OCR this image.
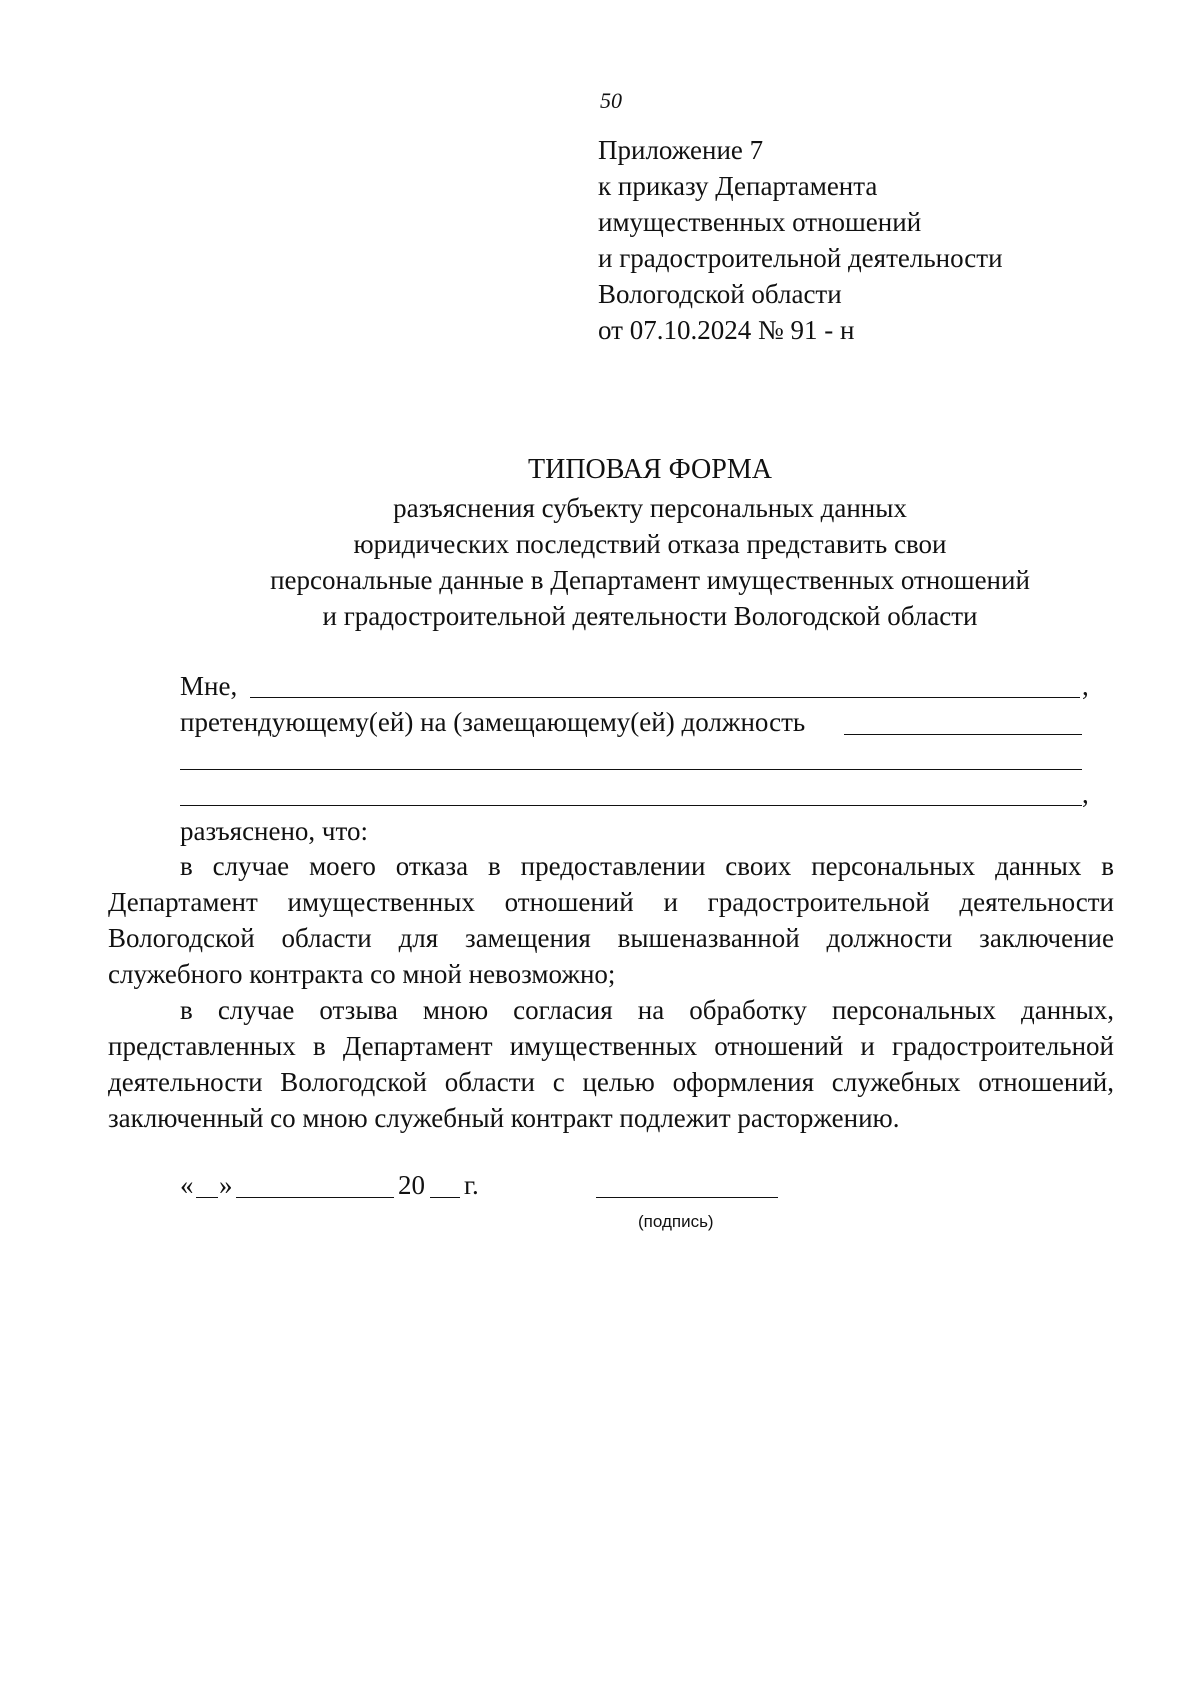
50
Приложение 7
к приказу Департамента
имущественных отношений
и градостроительной деятельности
Вологодской области
от 07.10.2024 № 91 - н
ТИПОВАЯ ФОРМА
разъяснения субъекту персональных данных
юридических последствий отказа представить свои
персональные данные в Департамент имущественных отношений
и градостроительной деятельности Вологодской области
Мне,	,
претендующему(ей) на (замещающему(ей) должность
,
разъяснено, что:

в случае моего отказа в предоставлении своих персональных данных в Департамент имущественных отношений и градостроительной деятельности Вологодской области для замещения вышеназванной должности заключение служебного контракта со мной невозможно;

в случае отзыва мною согласия на обработку персональных данных, представленных в Департамент имущественных отношений и градостроительной деятельности Вологодской области с целью оформления служебных отношений, заключенный со мною служебный контракт подлежит расторжению.

« »	20 г.
(подпись)
